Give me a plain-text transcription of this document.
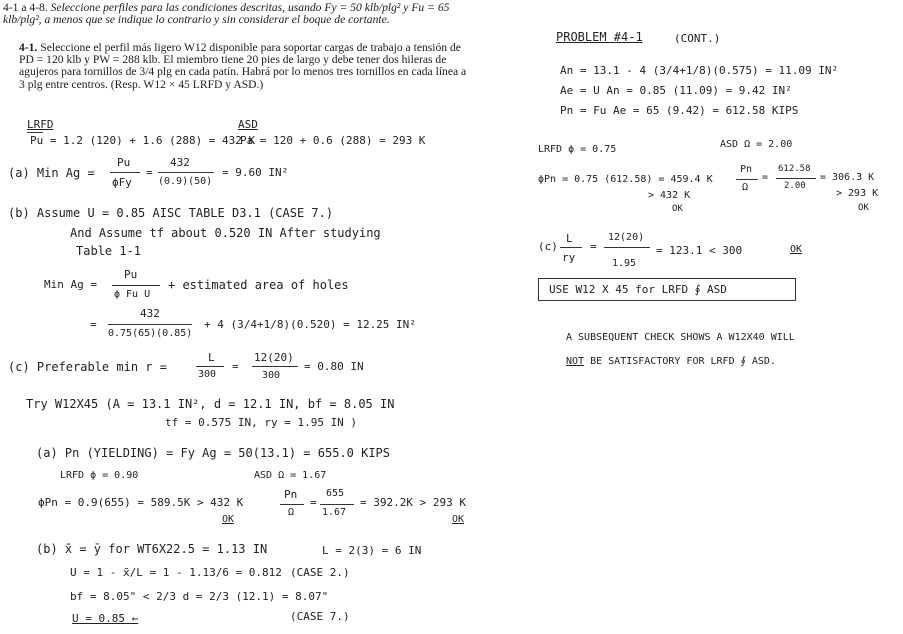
4-1 a 4-8. Seleccione perfiles para las condiciones descritas, usando Fy = 50 klb/plg² y Fu = 65 klb/plg², a menos que se indique lo contrario y sin considerar el boque de cortante.
4-1. Seleccione el perfil más ligero W12 disponible para soportar cargas de trabajo a tensión de PD = 120 klb y PW = 288 klb. El miembro tiene 20 pies de largo y debe tener dos hileras de agujeros para tornillos de 3/4 plg en cada patín. Habrá por lo menos tres tornillos en cada línea a 3 plg entre centros. (Resp. W12 × 45 LRFD y ASD.)
LRFD
Pu = 1.2 (120) + 1.6 (288) = 432 K
ASD
Pa = 120 + 0.6 (288) = 293 K
(a) Min Ag =
Pu
ϕFy
=
432
(0.9)(50)
= 9.60 IN²
(b) Assume U = 0.85 AISC TABLE D3.1 (CASE 7.)
And Assume tf about 0.520 IN After studying
Table 1-1
Min Ag =
Pu
ϕ Fu U
+ estimated area of holes
=
432
0.75(65)(0.85)
+ 4 (3/4+1/8)(0.520) = 12.25 IN²
(c) Preferable min r =
L
300
=
12(20)
300
= 0.80 IN
Try W12X45 (A = 13.1 IN², d = 12.1 IN, bf = 8.05 IN
tf = 0.575 IN, ry = 1.95 IN )
(a) Pn (YIELDING) = Fy Ag = 50(13.1) = 655.0 KIPS
LRFD ϕ = 0.90	ASD Ω = 1.67
ϕPn = 0.9(655) = 589.5K > 432 K
OK
Pn
Ω
=
655
1.67
= 392.2K > 293 K
OK
(b) x̄ = ȳ for WT6X22.5 = 1.13 IN	L = 2(3) = 6 IN
U = 1 - x̄/L = 1 - 1.13/6 = 0.812 (CASE 2.)
bf = 8.05" < 2/3 d = 2/3 (12.1) = 8.07"
(CASE 7.)
U = 0.85 ←
PROBLEM #4-1	(CONT.)
An = 13.1 - 4 (3/4+1/8)(0.575) = 11.09 IN²
Ae = U An = 0.85 (11.09) = 9.42 IN²
Pn = Fu Ae = 65 (9.42) = 612.58 KIPS
LRFD ϕ = 0.75	ASD Ω = 2.00
ϕPn = 0.75 (612.58) = 459.4 K
> 432 K
OK
Pn
Ω
=
612.58
2.00
= 306.3 K
> 293 K
OK
(c)
L
ry
=
12(20)
1.95
= 123.1 < 300	OK
USE W12 X 45 for LRFD ∮ ASD
A SUBSEQUENT CHECK SHOWS A W12X40 WILL
NOT BE SATISFACTORY FOR LRFD ∮ ASD.
